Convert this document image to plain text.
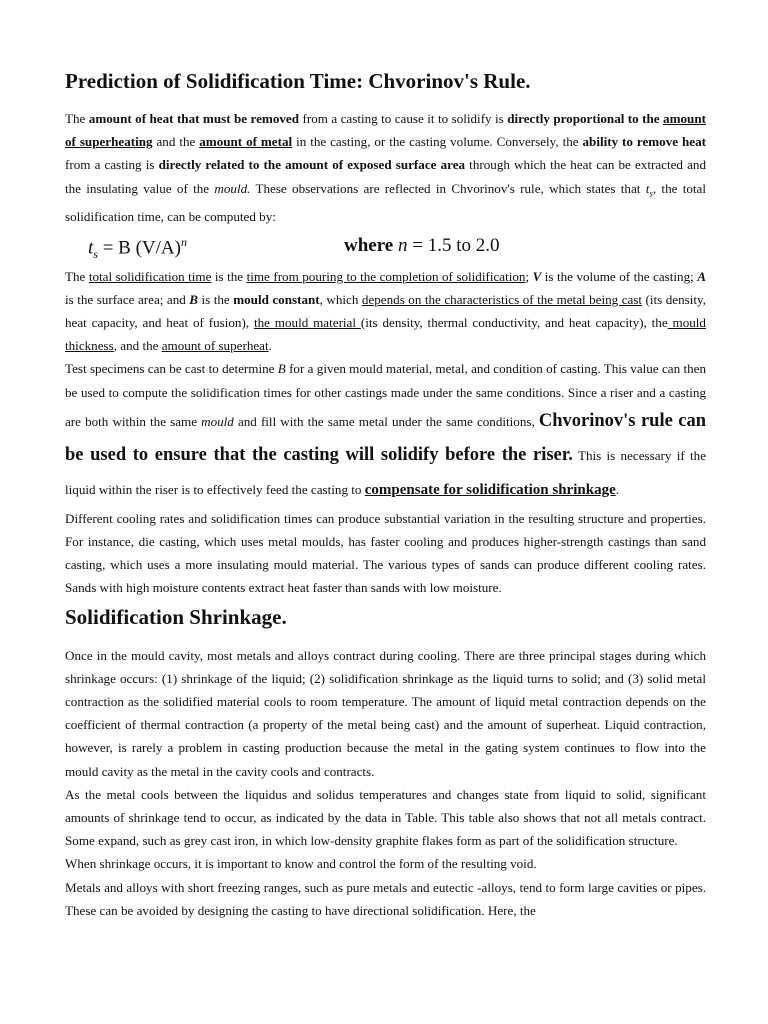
Prediction of Solidification Time: Chvorinov's Rule.

The amount of heat that must be removed from a casting to cause it to solidify is directly proportional to the amount of superheating and the amount of metal in the casting, or the casting volume. Conversely, the ability to remove heat from a casting is directly related to the amount of exposed surface area through which the heat can be extracted and the insulating value of the mould. These observations are reflected in Chvorinov's rule, which states that $t_s$, the total solidification time, can be computed by:

$t_s = B$ $(V/A)^n$	where n = 1.5 to 2.0

The total solidification time is the time from pouring to the completion of solidification; V is the volume of the casting; A is the surface area; and B is the mould constant, which depends on the characteristics of the metal being cast (its density, heat capacity, and heat of fusion), the mould material (its density, thermal conductivity, and heat capacity), the mould thickness, and the amount of superheat.

Test specimens can be cast to determine B for a given mould material, metal, and condition of casting. This value can then be used to compute the solidification times for other castings made under the same conditions. Since a riser and a casting are both within the same mould and fill with the same metal under the same conditions, Chvorinov's rule can be used to ensure that the casting will solidify before the riser. This is necessary if the liquid within the riser is to effectively feed the casting to compensate for solidification shrinkage.

Different cooling rates and solidification times can produce substantial variation in the resulting structure and properties. For instance, die casting, which uses metal moulds, has faster cooling and produces higher-strength castings than sand casting, which uses a more insulating mould material. The various types of sands can produce different cooling rates. Sands with high moisture contents extract heat faster than sands with low moisture.

Solidification Shrinkage.

Once in the mould cavity, most metals and alloys contract during cooling. There are three principal stages during which shrinkage occurs: (1) shrinkage of the liquid; (2) solidification shrinkage as the liquid turns to solid; and (3) solid metal contraction as the solidified material cools to room temperature. The amount of liquid metal contraction depends on the coefficient of thermal contraction (a property of the metal being cast) and the amount of superheat. Liquid contraction, however, is rarely a problem in casting production because the metal in the gating system continues to flow into the mould cavity as the metal in the cavity cools and contracts.

As the metal cools between the liquidus and solidus temperatures and changes state from liquid to solid, significant amounts of shrinkage tend to occur, as indicated by the data in Table. This table also shows that not all metals contract. Some expand, such as grey cast iron, in which low-density graphite flakes form as part of the solidification structure.

When shrinkage occurs, it is important to know and control the form of the resulting void.

Metals and alloys with short freezing ranges, such as pure metals and eutectic -alloys, tend to form large cavities or pipes. These can be avoided by designing the casting to have directional solidification. Here, the
